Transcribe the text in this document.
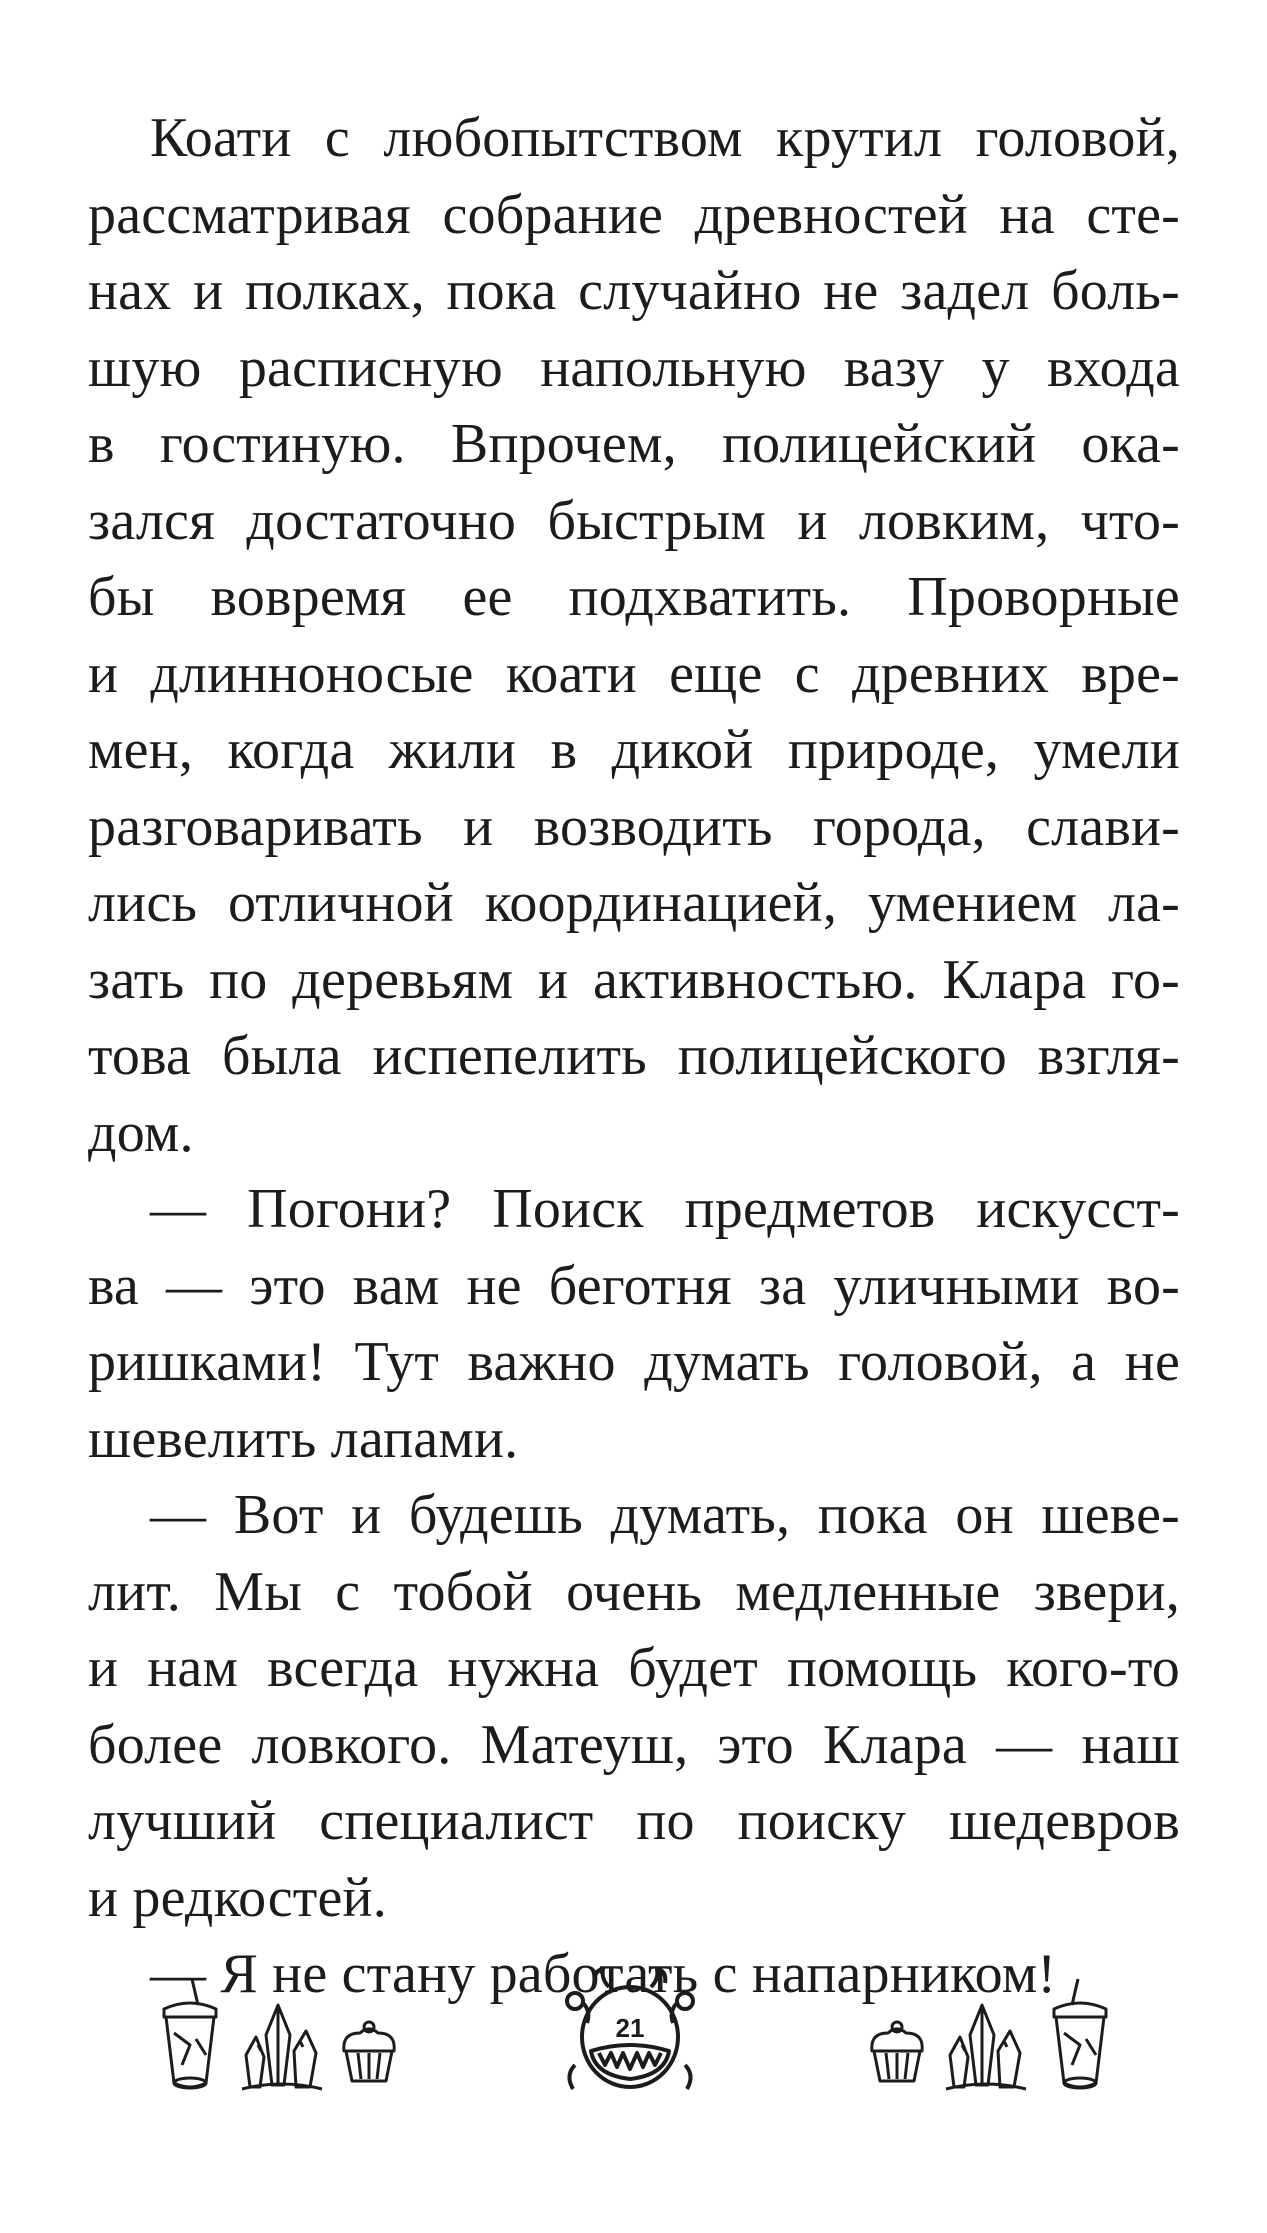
Коати с любопытством крутил головой,
рассматривая собрание древностей на сте-
нах и полках, пока случайно не задел боль-
шую расписную напольную вазу у входа
в гостиную. Впрочем, полицейский ока-
зался достаточно быстрым и ловким, что-
бы вовремя ее подхватить. Проворные
и длинноносые коати еще с древних вре-
мен, когда жили в дикой природе, умели
разговаривать и возводить города, слави-
лись отличной координацией, умением ла-
зать по деревьям и активностью. Клара го-
това была испепелить полицейского взгля-
дом.
— Погони? Поиск предметов искусст-
ва — это вам не беготня за уличными во-
ришками! Тут важно думать головой, а не
шевелить лапами.
— Вот и будешь думать, пока он шеве-
лит. Мы с тобой очень медленные звери,
и нам всегда нужна будет помощь кого-то
более ловкого. Матеуш, это Клара — наш
лучший специалист по поиску шедевров
и редкостей.
— Я не стану работать с напарником!
21
